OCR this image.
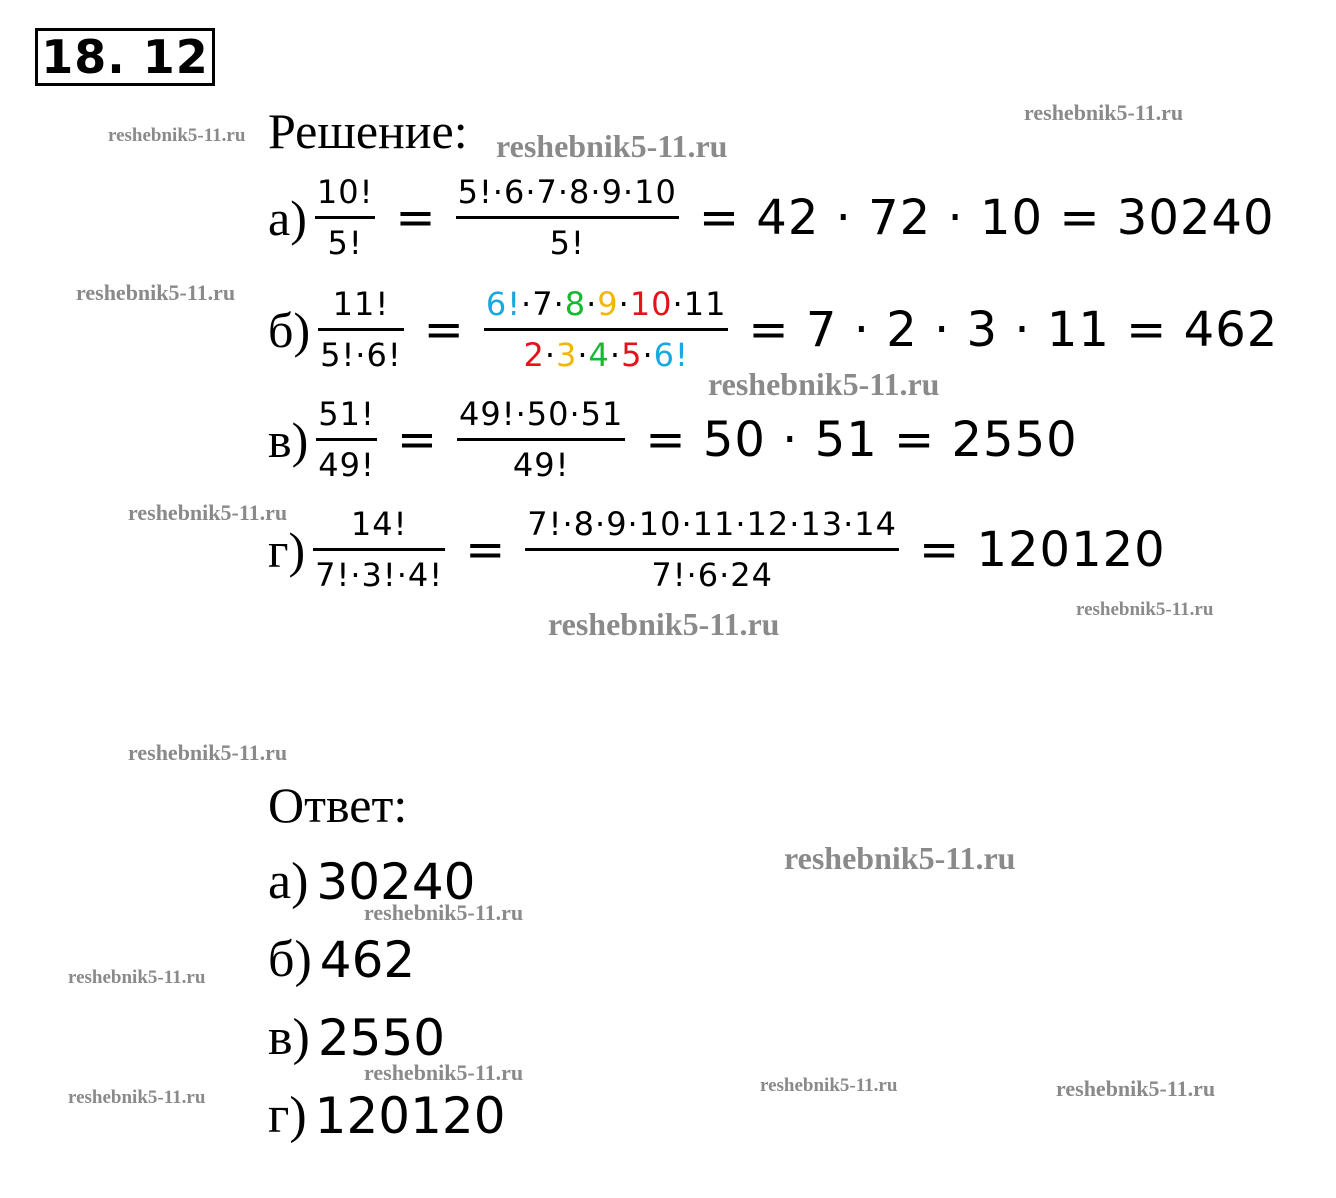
18. 12
Решение:
$а) \frac{10!}{5!} = \frac{5!\cdot 6\cdot 7\cdot 8\cdot 9\cdot 10}{5!} = 42 \cdot 72 \cdot 10 = 30240$
$б) \frac{11!}{5!\cdot 6!} = \frac{6!\cdot 7\cdot 8\cdot 9\cdot 10\cdot 11}{2\cdot 3\cdot 4\cdot 5\cdot 6!} = 7 \cdot 2 \cdot 3 \cdot 11 = 462$
$в) \frac{51!}{49!} = \frac{49!\cdot 50\cdot 51}{49!} = 50 \cdot 51 = 2550$
$г) \frac{14!}{7!\cdot 3!\cdot 4!} = \frac{7!\cdot 8\cdot 9\cdot 10\cdot 11\cdot 12\cdot 13\cdot 14}{7!\cdot 6\cdot 24} = 120120$
Ответ:
а) 30240
б) 462
в) 2550
г) 120120
reshebnik5-11.ru	reshebnik5-11.ru
reshebnik5-11.ru
reshebnik5-11.ru
reshebnik5-11.ru
reshebnik5-11.ru
reshebnik5-11.ru	reshebnik5-11.ru
reshebnik5-11.ru
reshebnik5-11.ru
reshebnik5-11.ru
reshebnik5-11.ru
reshebnik5-11.ru
reshebnik5-11.ru	reshebnik5-11.ru
reshebnik5-11.ru
